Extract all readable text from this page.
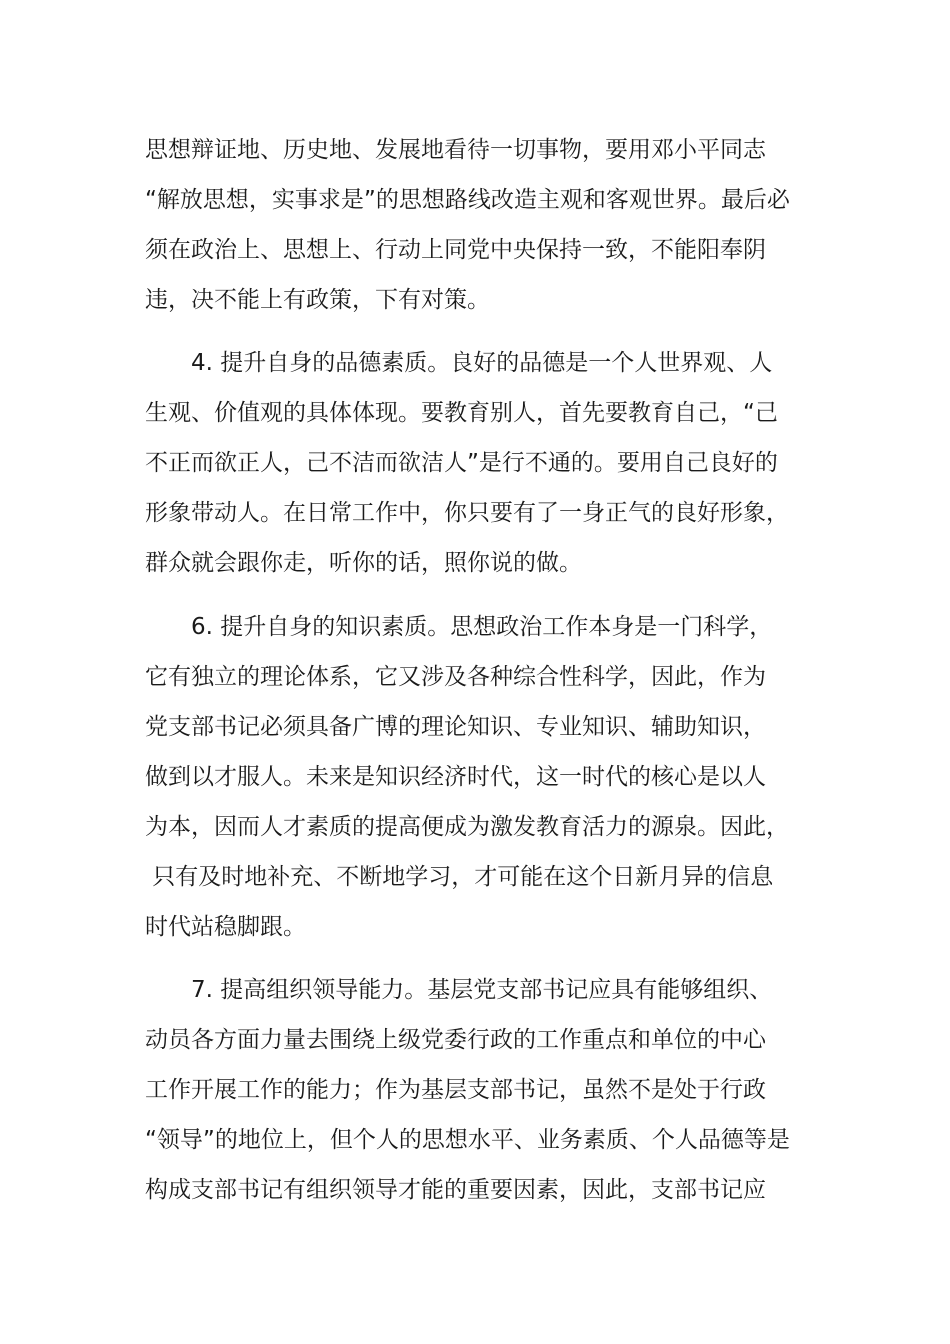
思想辩证地、历史地、发展地看待一切事物，要用邓小平同志
“解放思想，实事求是”的思想路线改造主观和客观世界。最后必
须在政治上、思想上、行动上同党中央保持一致，不能阳奉阴
违，决不能上有政策，下有对策。
4. 提升自身的品德素质。良好的品德是一个人世界观、人
生观、价值观的具体体现。要教育别人，首先要教育自己，“己
不正而欲正人，己不洁而欲洁人”是行不通的。要用自己良好的
形象带动人。在日常工作中，你只要有了一身正气的良好形象，
群众就会跟你走，听你的话，照你说的做。
6. 提升自身的知识素质。思想政治工作本身是一门科学，
它有独立的理论体系，它又涉及各种综合性科学，因此，作为
党支部书记必须具备广博的理论知识、专业知识、辅助知识，
做到以才服人。未来是知识经济时代，这一时代的核心是以人
为本，因而人才素质的提高便成为激发教育活力的源泉。因此，
只有及时地补充、不断地学习，才可能在这个日新月异的信息
时代站稳脚跟。
7. 提高组织领导能力。基层党支部书记应具有能够组织、
动员各方面力量去围绕上级党委行政的工作重点和单位的中心
工作开展工作的能力；作为基层支部书记，虽然不是处于行政
“领导”的地位上，但个人的思想水平、业务素质、个人品德等是
构成支部书记有组织领导才能的重要因素，因此，支部书记应
